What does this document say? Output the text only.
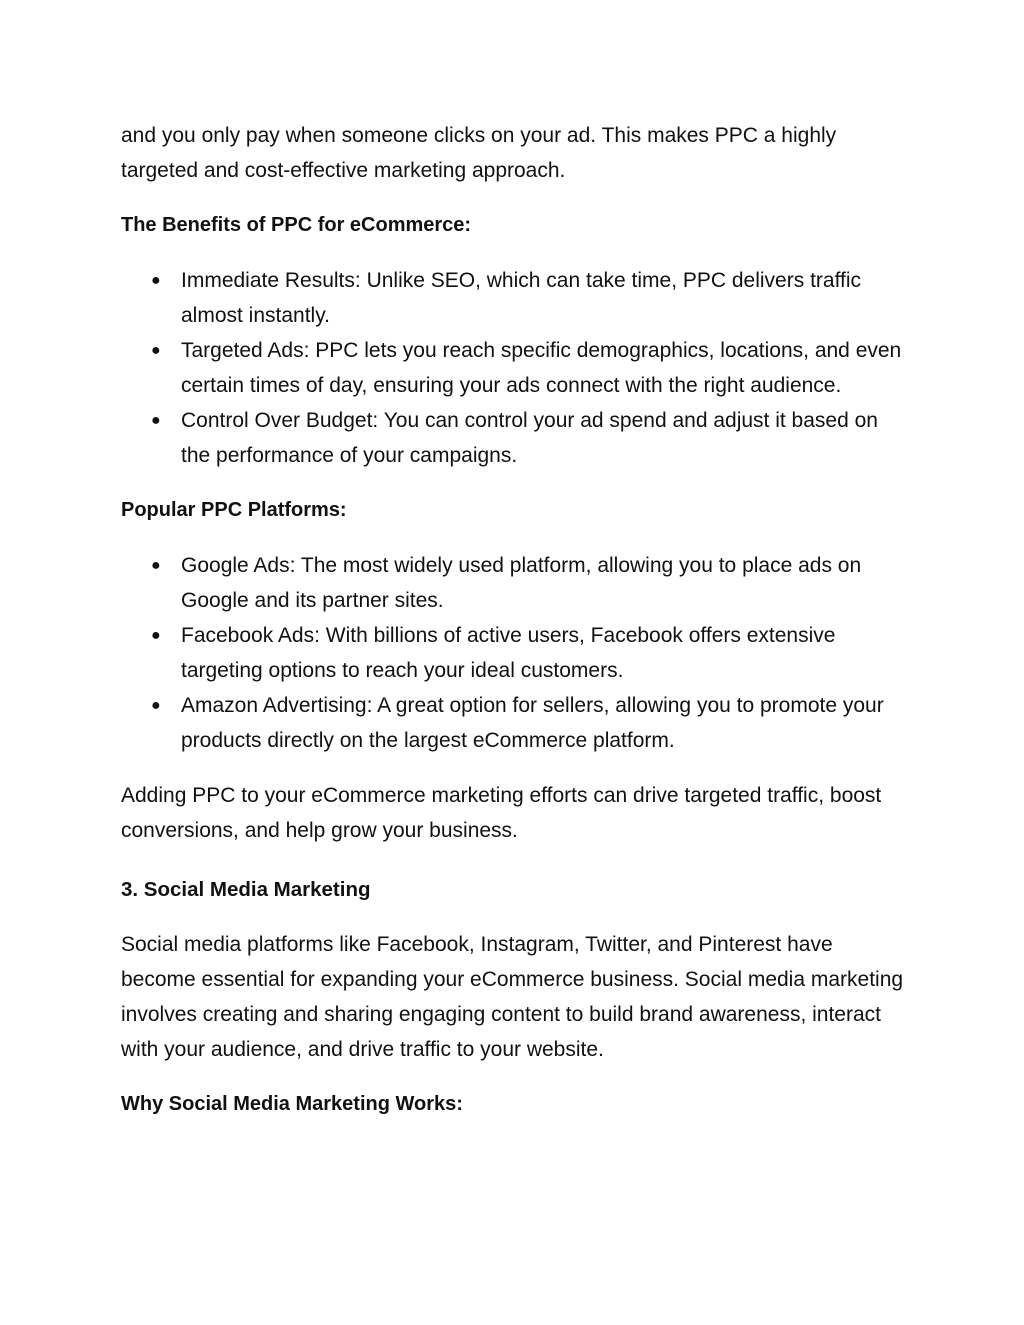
and you only pay when someone clicks on your ad. This makes PPC a highly targeted and cost-effective marketing approach.

The Benefits of PPC for eCommerce:

● Immediate Results: Unlike SEO, which can take time, PPC delivers traffic almost instantly.
● Targeted Ads: PPC lets you reach specific demographics, locations, and even certain times of day, ensuring your ads connect with the right audience.
● Control Over Budget: You can control your ad spend and adjust it based on the performance of your campaigns.

Popular PPC Platforms:

● Google Ads: The most widely used platform, allowing you to place ads on Google and its partner sites.
● Facebook Ads: With billions of active users, Facebook offers extensive targeting options to reach your ideal customers.
● Amazon Advertising: A great option for sellers, allowing you to promote your products directly on the largest eCommerce platform.

Adding PPC to your eCommerce marketing efforts can drive targeted traffic, boost conversions, and help grow your business.

3. Social Media Marketing

Social media platforms like Facebook, Instagram, Twitter, and Pinterest have become essential for expanding your eCommerce business. Social media marketing involves creating and sharing engaging content to build brand awareness, interact with your audience, and drive traffic to your website.

Why Social Media Marketing Works:
